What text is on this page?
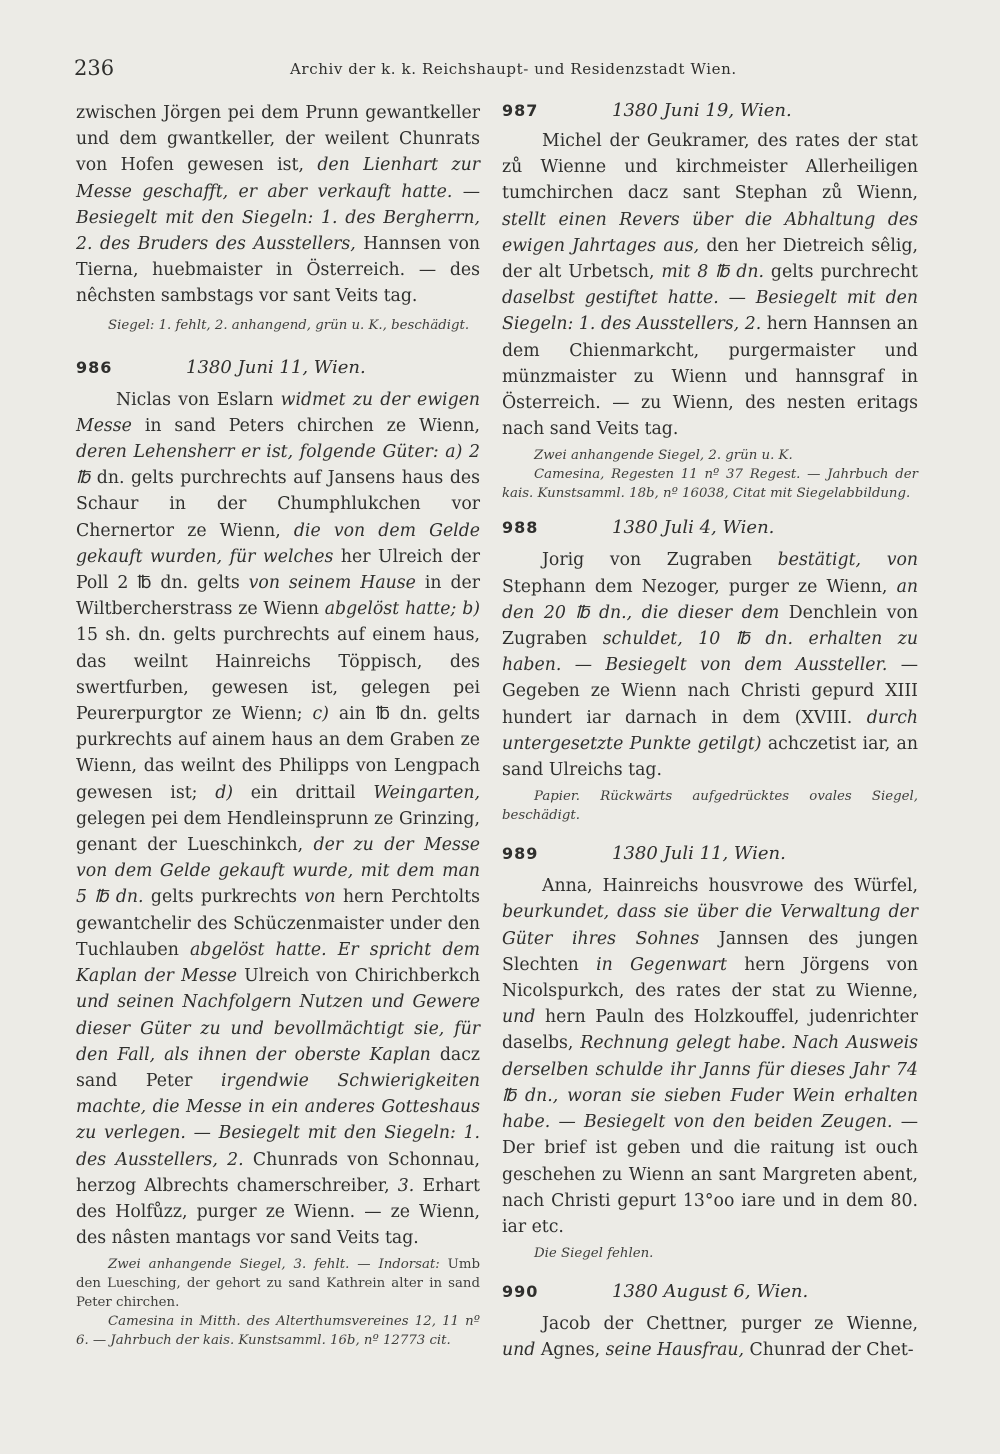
236	Archiv der k. k. Reichshaupt- und Residenzstadt Wien.

zwischen Jörgen pei dem Prunn gewantkeller und dem gwantkeller, der weilent Chunrats von Hofen gewesen ist, den Lienhart zur Messe geschafft, er aber verkauft hatte. — Besiegelt mit den Siegeln: 1. des Bergherrn, 2. des Bruders des Ausstellers, Hannsen von Tierna, huebmaister in Österreich. — des nêchsten sambstags vor sant Veits tag.

Siegel: 1. fehlt, 2. anhangend, grün u. K., beschädigt.

986	1380 Juni 11, Wien.

Niclas von Eslarn widmet zu der ewigen Messe in sand Peters chirchen ze Wienn, deren Lehensherr er ist, folgende Güter: a) 2 ℔ dn. gelts purchrechts auf Jansens haus des Schaur in der Chumphlukchen vor Chernertor ze Wienn, die von dem Gelde gekauft wurden, für welches her Ulreich der Poll 2 ℔ dn. gelts von seinem Hause in der Wiltbercherstrass ze Wienn abgelöst hatte; b) 15 sh. dn. gelts purchrechts auf einem haus, das weilnt Hainreichs Töppisch, des swertfurben, gewesen ist, gelegen pei Peurerpurgtor ze Wienn; c) ain ℔ dn. gelts purkrechts auf ainem haus an dem Graben ze Wienn, das weilnt des Philipps von Lengpach gewesen ist; d) ein drittail Weingarten, gelegen pei dem Hendleinsprunn ze Grinzing, genant der Lueschinkch, der zu der Messe von dem Gelde gekauft wurde, mit dem man 5 ℔ dn. gelts purkrechts von hern Perchtolts gewantchelir des Schüczenmaister under den Tuchlauben abgelöst hatte. Er spricht dem Kaplan der Messe Ulreich von Chirichberkch und seinen Nachfolgern Nutzen und Gewere dieser Güter zu und bevollmächtigt sie, für den Fall, als ihnen der oberste Kaplan dacz sand Peter irgendwie Schwierigkeiten machte, die Messe in ein anderes Gotteshaus zu verlegen. — Besiegelt mit den Siegeln: 1. des Ausstellers, 2. Chunrads von Schonnau, herzog Albrechts chamerschreiber, 3. Erhart des Holfůzz, purger ze Wienn. — ze Wienn, des nâsten mantags vor sand Veits tag.

Zwei anhangende Siegel, 3. fehlt. — Indorsat: Umb den Luesching, der gehort zu sand Kathrein alter in sand Peter chirchen.

Camesina in Mitth. des Alterthumsvereines 12, 11 nº 6. — Jahrbuch der kais. Kunstsamml. 16b, nº 12773 cit.

987	1380 Juni 19, Wien.

Michel der Geukramer, des rates der stat zů Wienne und kirchmeister Allerheiligen tumchirchen dacz sant Stephan zů Wienn, stellt einen Revers über die Abhaltung des ewigen Jahrtages aus, den her Dietreich sêlig, der alt Urbetsch, mit 8 ℔ dn. gelts purchrecht daselbst gestiftet hatte. — Besiegelt mit den Siegeln: 1. des Ausstellers, 2. hern Hannsen an dem Chienmarkcht, purgermaister und münzmaister zu Wienn und hannsgraf in Österreich. — zu Wienn, des nesten eritags nach sand Veits tag.

Zwei anhangende Siegel, 2. grün u. K.

Camesina, Regesten 11 nº 37 Regest. — Jahrbuch der kais. Kunstsamml. 18b, nº 16038, Citat mit Siegelabbildung.

988	1380 Juli 4, Wien.

Jorig von Zugraben bestätigt, von Stephann dem Nezoger, purger ze Wienn, an den 20 ℔ dn., die dieser dem Denchlein von Zugraben schuldet, 10 ℔ dn. erhalten zu haben. — Besiegelt von dem Aussteller. — Gegeben ze Wienn nach Christi gepurd XIII hundert iar darnach in dem (XVIII. durch untergesetzte Punkte getilgt) achczetist iar, an sand Ulreichs tag.

Papier. Rückwärts aufgedrücktes ovales Siegel, beschädigt.

989	1380 Juli 11, Wien.

Anna, Hainreichs housvrowe des Würfel, beurkundet, dass sie über die Verwaltung der Güter ihres Sohnes Jannsen des jungen Slechten in Gegenwart hern Jörgens von Nicolspurkch, des rates der stat zu Wienne, und hern Pauln des Holzkouffel, judenrichter daselbs, Rechnung gelegt habe. Nach Ausweis derselben schulde ihr Janns für dieses Jahr 74 ℔ dn., woran sie sieben Fuder Wein erhalten habe. — Besiegelt von den beiden Zeugen. — Der brief ist geben und die raitung ist ouch geschehen zu Wienn an sant Margreten abent, nach Christi gepurt 13°oo iare und in dem 80. iar etc.

Die Siegel fehlen.

990	1380 August 6, Wien.

Jacob der Chettner, purger ze Wienne, und Agnes, seine Hausfrau, Chunrad der Chet-
